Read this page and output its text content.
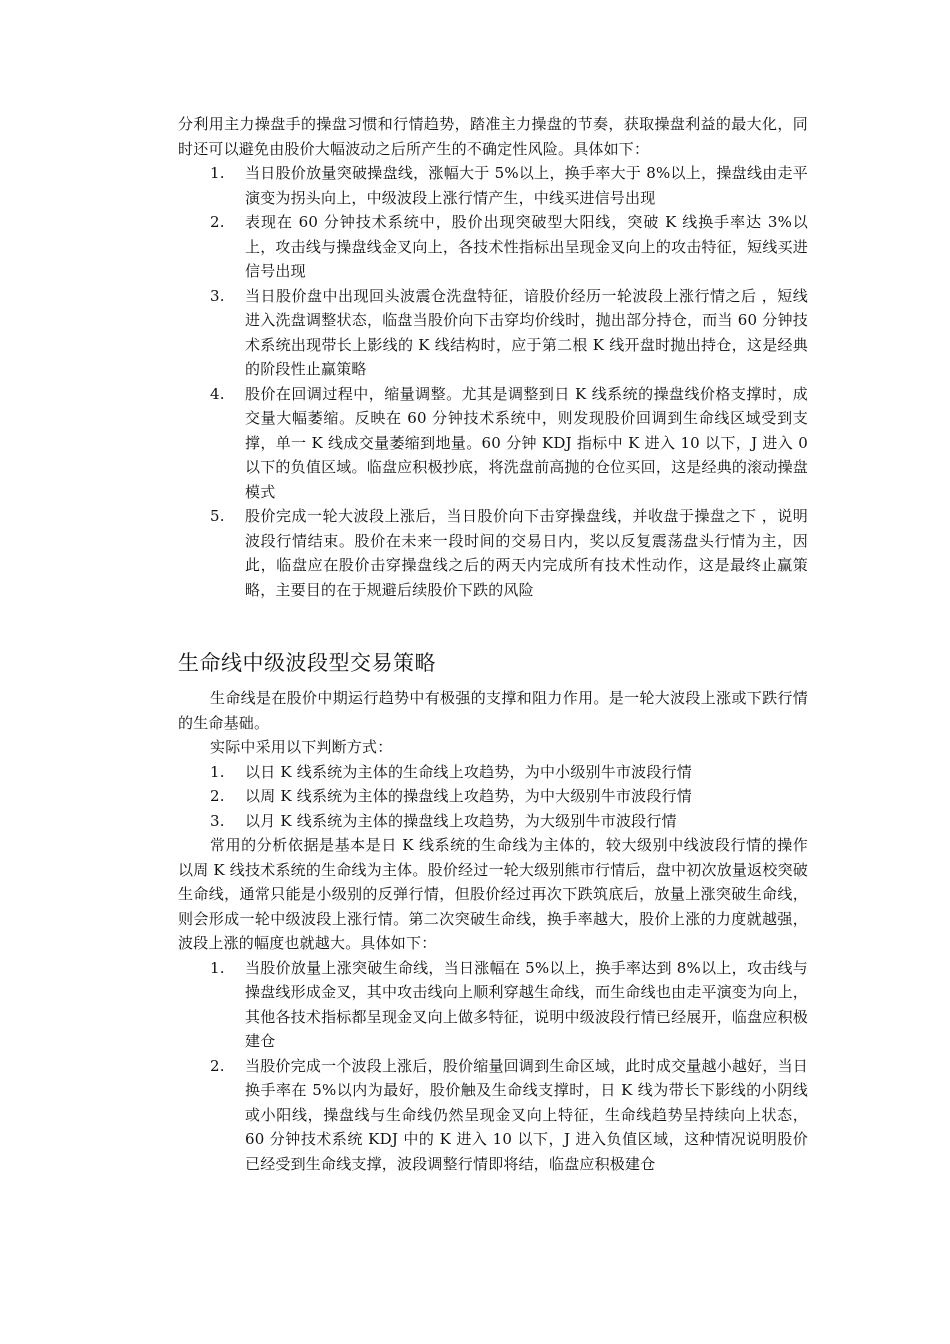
分利用主力操盘手的操盘习惯和行情趋势，踏准主力操盘的节奏，获取操盘利益的最大化，同时还可以避免由股价大幅波动之后所产生的不确定性风险。具体如下：

1. 当日股价放量突破操盘线，涨幅大于 5%以上，换手率大于 8%以上，操盘线由走平演变为拐头向上，中级波段上涨行情产生，中线买进信号出现
2. 表现在 60 分钟技术系统中，股价出现突破型大阳线，突破 K 线换手率达 3%以上，攻击线与操盘线金叉向上，各技术性指标出呈现金叉向上的攻击特征，短线买进信号出现
3. 当日股价盘中出现回头波震仓洗盘特征，谙股价经历一轮波段上涨行情之后 ，短线进入洗盘调整状态，临盘当股价向下击穿均价线时，抛出部分持仓，而当 60 分钟技术系统出现带长上影线的 K 线结构时，应于第二根 K 线开盘时抛出持仓，这是经典的阶段性止赢策略
4. 股价在回调过程中，缩量调整。尤其是调整到日 K 线系统的操盘线价格支撑时，成交量大幅萎缩。反映在 60 分钟技术系统中，则发现股价回调到生命线区域受到支撑，单一 K 线成交量萎缩到地量。60 分钟 KDJ 指标中 K 进入 10 以下，J 进入 0 以下的负值区域。临盘应积极抄底，将洗盘前高抛的仓位买回，这是经典的滚动操盘模式
5. 股价完成一轮大波段上涨后，当日股价向下击穿操盘线，并收盘于操盘之下 ，说明波段行情结束。股价在未来一段时间的交易日内，奖以反复震荡盘头行情为主，因此，临盘应在股价击穿操盘线之后的两天内完成所有技术性动作，这是最终止赢策略，主要目的在于规避后续股价下跌的风险
生命线中级波段型交易策略

生命线是在股价中期运行趋势中有极强的支撑和阻力作用。是一轮大波段上涨或下跌行情的生命基础。

实际中采用以下判断方式：

1. 以日 K 线系统为主体的生命线上攻趋势，为中小级别牛市波段行情
2. 以周 K 线系统为主体的操盘线上攻趋势，为中大级别牛市波段行情
3. 以月 K 线系统为主体的操盘线上攻趋势，为大级别牛市波段行情

常用的分析依据是基本是日 K 线系统的生命线为主体的，较大级别中线波段行情的操作以周 K 线技术系统的生命线为主体。股价经过一轮大级别熊市行情后，盘中初次放量返校突破生命线，通常只能是小级别的反弹行情，但股价经过再次下跌筑底后，放量上涨突破生命线，则会形成一轮中级波段上涨行情。第二次突破生命线，换手率越大，股价上涨的力度就越强，波段上涨的幅度也就越大。具体如下：

1. 当股价放量上涨突破生命线，当日涨幅在 5%以上，换手率达到 8%以上，攻击线与操盘线形成金叉，其中攻击线向上顺利穿越生命线，而生命线也由走平演变为向上，其他各技术指标都呈现金叉向上做多特征，说明中级波段行情已经展开，临盘应积极建仓
2. 当股价完成一个波段上涨后，股价缩量回调到生命区域，此时成交量越小越好，当日换手率在 5%以内为最好，股价触及生命线支撑时，日 K 线为带长下影线的小阴线或小阳线，操盘线与生命线仍然呈现金叉向上特征，生命线趋势呈持续向上状态，60 分钟技术系统 KDJ 中的 K 进入 10 以下，J 进入负值区域，这种情况说明股价已经受到生命线支撑，波段调整行情即将结，临盘应积极建仓
